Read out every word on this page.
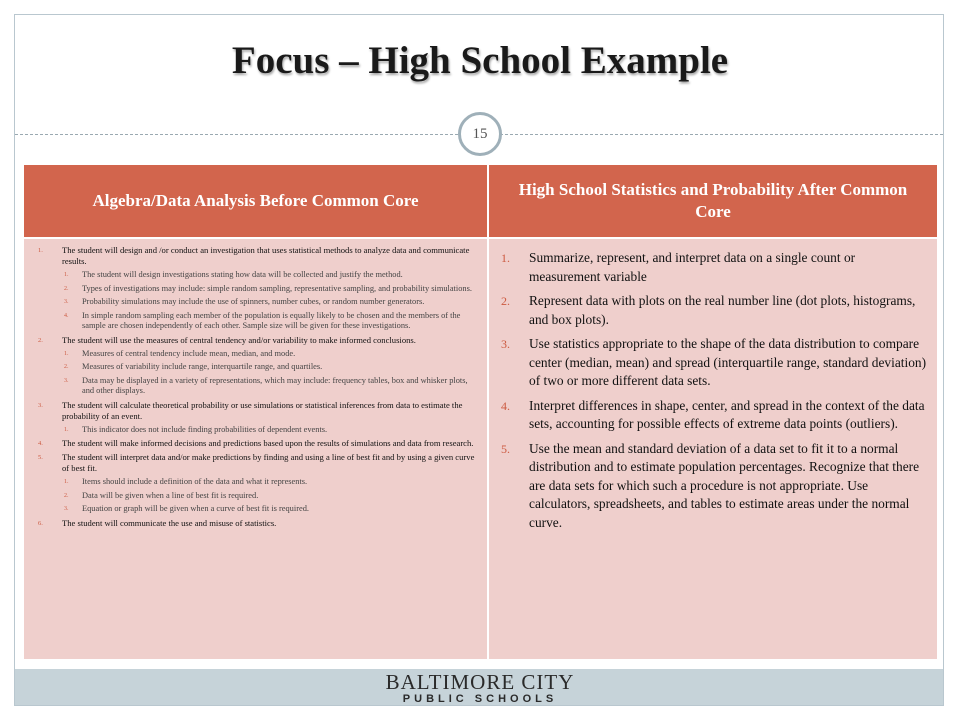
Focus – High School Example
15
Algebra/Data Analysis Before Common Core
High School Statistics and Probability After Common Core
1. The student will design and /or conduct an investigation that uses statistical methods to analyze data and communicate results.
1. The student will design investigations stating how data will be collected and justify the method.
2. Types of investigations may include: simple random sampling, representative sampling, and probability simulations.
3. Probability simulations may include the use of spinners, number cubes, or random number generators.
4. In simple random sampling each member of the population is equally likely to be chosen and the members of the sample are chosen independently of each other. Sample size will be given for these investigations.
2. The student will use the measures of central tendency and/or variability to make informed conclusions.
1. Measures of central tendency include mean, median, and mode.
2. Measures of variability include range, interquartile range, and quartiles.
3. Data may be displayed in a variety of representations, which may include: frequency tables, box and whisker plots, and other displays.
3. The student will calculate theoretical probability or use simulations or statistical inferences from data to estimate the probability of an event.
1. This indicator does not include finding probabilities of dependent events.
4. The student will make informed decisions and predictions based upon the results of simulations and data from research.
5. The student will interpret data and/or make predictions by finding and using a line of best fit and by using a given curve of best fit.
1. Items should include a definition of the data and what it represents.
2. Data will be given when a line of best fit is required.
3. Equation or graph will be given when a curve of best fit is required.
6. The student will communicate the use and misuse of statistics.
1. Summarize, represent, and interpret data on a single count or measurement variable
2. Represent data with plots on the real number line (dot plots, histograms, and box plots).
3. Use statistics appropriate to the shape of the data distribution to compare center (median, mean) and spread (interquartile range, standard deviation) of two or more different data sets.
4. Interpret differences in shape, center, and spread in the context of the data sets, accounting for possible effects of extreme data points (outliers).
5. Use the mean and standard deviation of a data set to fit it to a normal distribution and to estimate population percentages. Recognize that there are data sets for which such a procedure is not appropriate. Use calculators, spreadsheets, and tables to estimate areas under the normal curve.
BALTIMORE CITY
PUBLIC SCHOOLS
